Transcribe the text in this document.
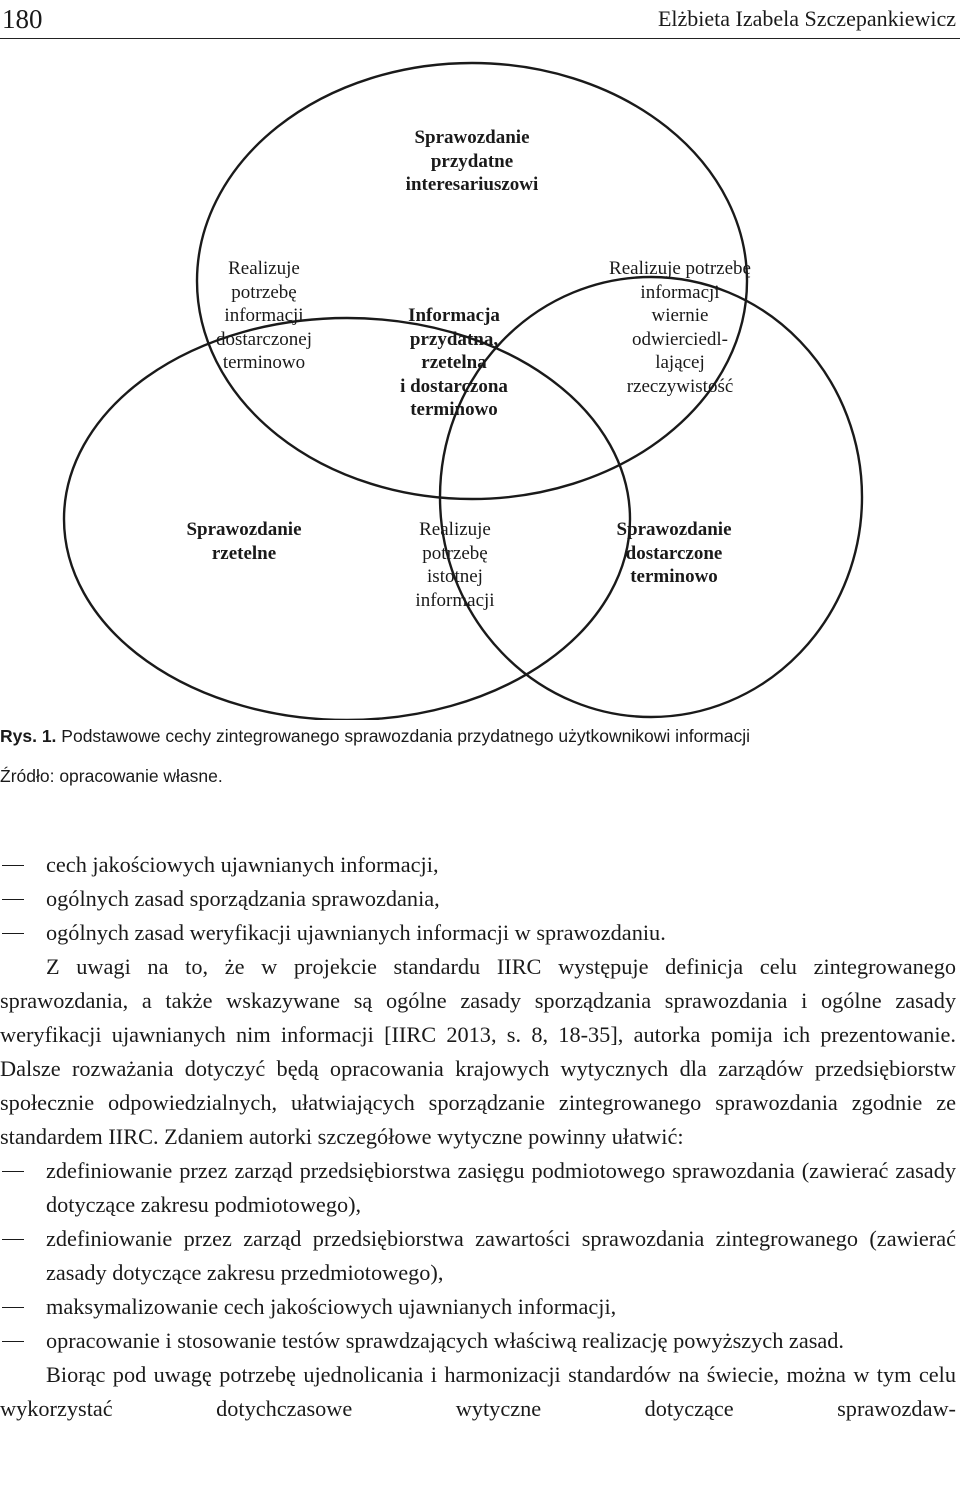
180	Elżbieta Izabela Szczepankiewicz
Sprawozdanie
przydatne
interesariuszowi
Realizuje
potrzebę
informacji
dostarczonej
terminowo
Informacja
przydatna,
rzetelna
i dostarczona
terminowo
Realizuje potrzebę
informacji
wiernie
odwierciedl-
lającej
rzeczywistość
Sprawozdanie
rzetelne
Realizuje
potrzebę
istotnej
informacji
Sprawozdanie
dostarczone
terminowo
Rys. 1. Podstawowe cechy zintegrowanego sprawozdania przydatnego użytkownikowi informacji
Źródło: opracowanie własne.
cech jakościowych ujawnianych informacji,
ogólnych zasad sporządzania sprawozdania,
ogólnych zasad weryfikacji ujawnianych informacji w sprawozdaniu.
Z uwagi na to, że w projekcie standardu IIRC występuje definicja celu zintegrowanego sprawozdania, a także wskazywane są ogólne zasady sporządzania sprawozdania i ogólne zasady weryfikacji ujawnianych nim informacji [IIRC 2013, s. 8, 18-35], autorka pomija ich prezentowanie. Dalsze rozważania dotyczyć będą opracowania krajowych wytycznych dla zarządów przedsiębiorstw społecznie odpowiedzialnych, ułatwiających sporządzanie zintegrowanego sprawozdania zgodnie ze standardem IIRC. Zdaniem autorki szczegółowe wytyczne powinny ułatwić:
zdefiniowanie przez zarząd przedsiębiorstwa zasięgu podmiotowego sprawozdania (zawierać zasady dotyczące zakresu podmiotowego),
zdefiniowanie przez zarząd przedsiębiorstwa zawartości sprawozdania zintegrowanego (zawierać zasady dotyczące zakresu przedmiotowego),
maksymalizowanie cech jakościowych ujawnianych informacji,
opracowanie i stosowanie testów sprawdzających właściwą realizację powyższych zasad.
Biorąc pod uwagę potrzebę ujednolicania i harmonizacji standardów na świecie, można w tym celu wykorzystać dotychczasowe wytyczne dotyczące sprawozdaw-
